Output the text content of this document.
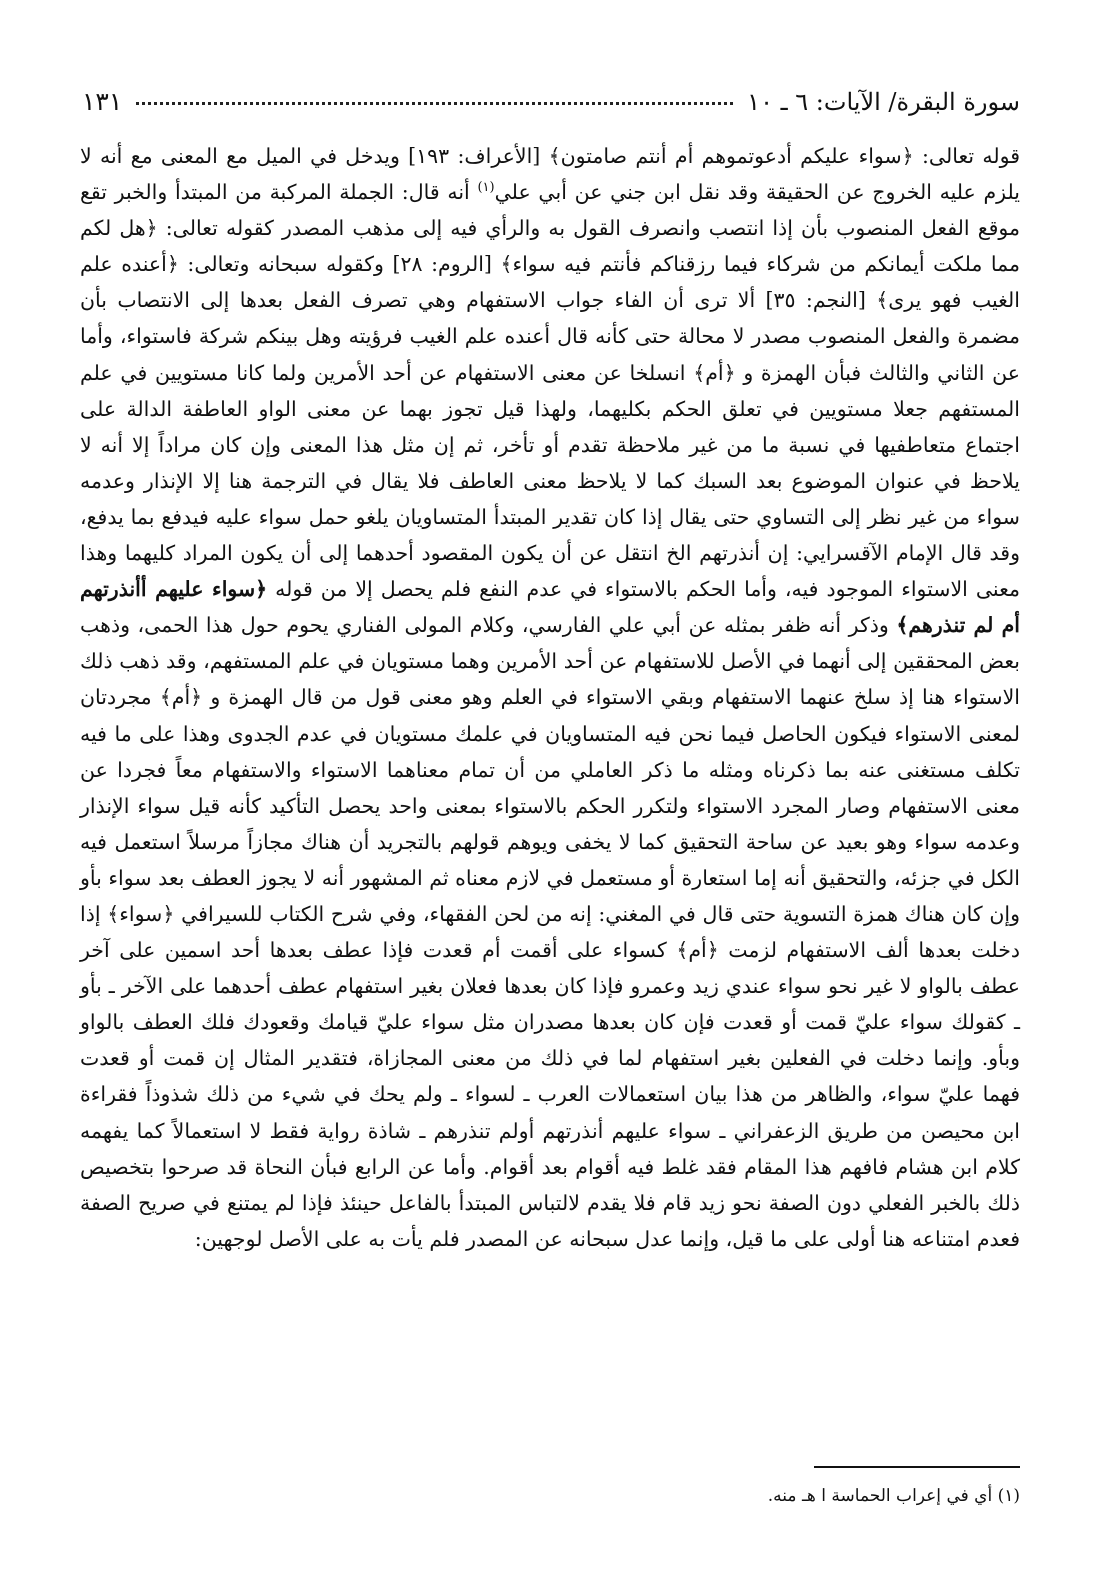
سورة البقرة/ الآيات: ٦ ـ ١٠
١٣١

قوله تعالى: ﴿سواء عليكم أدعوتموهم أم أنتم صامتون﴾ [الأعراف: ١٩٣] ويدخل في الميل مع المعنى مع أنه لا يلزم عليه الخروج عن الحقيقة وقد نقل ابن جني عن أبي علي$^{(١)}$ أنه قال: الجملة المركبة من المبتدأ والخبر تقع موقع الفعل المنصوب بأن إذا انتصب وانصرف القول به والرأي فيه إلى مذهب المصدر كقوله تعالى: ﴿هل لكم مما ملكت أيمانكم من شركاء فيما رزقناكم فأنتم فيه سواء﴾ [الروم: ٢٨] وكقوله سبحانه وتعالى: ﴿أعنده علم الغيب فهو يرى﴾ [النجم: ٣٥] ألا ترى أن الفاء جواب الاستفهام وهي تصرف الفعل بعدها إلى الانتصاب بأن مضمرة والفعل المنصوب مصدر لا محالة حتى كأنه قال أعنده علم الغيب فرؤيته وهل بينكم شركة فاستواء، وأما عن الثاني والثالث فبأن الهمزة و ﴿أم﴾ انسلخا عن معنى الاستفهام عن أحد الأمرين ولما كانا مستويين في علم المستفهم جعلا مستويين في تعلق الحكم بكليهما، ولهذا قيل تجوز بهما عن معنى الواو العاطفة الدالة على اجتماع متعاطفيها في نسبة ما من غير ملاحظة تقدم أو تأخر، ثم إن مثل هذا المعنى وإن كان مراداً إلا أنه لا يلاحظ في عنوان الموضوع بعد السبك كما لا يلاحظ معنى العاطف فلا يقال في الترجمة هنا إلا الإنذار وعدمه سواء من غير نظر إلى التساوي حتى يقال إذا كان تقدير المبتدأ المتساويان يلغو حمل سواء عليه فيدفع بما يدفع، وقد قال الإمام الآقسرايي: إن أنذرتهم الخ انتقل عن أن يكون المقصود أحدهما إلى أن يكون المراد كليهما وهذا معنى الاستواء الموجود فيه، وأما الحكم بالاستواء في عدم النفع فلم يحصل إلا من قوله ﴿سواء عليهم أأنذرتهم أم لم تنذرهم﴾ وذكر أنه ظفر بمثله عن أبي علي الفارسي، وكلام المولى الفناري يحوم حول هذا الحمى، وذهب بعض المحققين إلى أنهما في الأصل للاستفهام عن أحد الأمرين وهما مستويان في علم المستفهم، وقد ذهب ذلك الاستواء هنا إذ سلخ عنهما الاستفهام وبقي الاستواء في العلم وهو معنى قول من قال الهمزة و ﴿أم﴾ مجردتان لمعنى الاستواء فيكون الحاصل فيما نحن فيه المتساويان في علمك مستويان في عدم الجدوى وهذا على ما فيه تكلف مستغنى عنه بما ذكرناه ومثله ما ذكر العاملي من أن تمام معناهما الاستواء والاستفهام معاً فجردا عن معنى الاستفهام وصار المجرد الاستواء ولتكرر الحكم بالاستواء بمعنى واحد يحصل التأكيد كأنه قيل سواء الإنذار وعدمه سواء وهو بعيد عن ساحة التحقيق كما لا يخفى ويوهم قولهم بالتجريد أن هناك مجازاً مرسلاً استعمل فيه الكل في جزئه، والتحقيق أنه إما استعارة أو مستعمل في لازم معناه ثم المشهور أنه لا يجوز العطف بعد سواء بأو وإن كان هناك همزة التسوية حتى قال في المغني: إنه من لحن الفقهاء، وفي شرح الكتاب للسيرافي ﴿سواء﴾ إذا دخلت بعدها ألف الاستفهام لزمت ﴿أم﴾ كسواء على أقمت أم قعدت فإذا عطف بعدها أحد اسمين على آخر عطف بالواو لا غير نحو سواء عندي زيد وعمرو فإذا كان بعدها فعلان بغير استفهام عطف أحدهما على الآخر ـ بأو ـ كقولك سواء عليّ قمت أو قعدت فإن كان بعدها مصدران مثل سواء عليّ قيامك وقعودك فلك العطف بالواو وبأو. وإنما دخلت في الفعلين بغير استفهام لما في ذلك من معنى المجازاة، فتقدير المثال إن قمت أو قعدت فهما عليّ سواء، والظاهر من هذا بيان استعمالات العرب ـ لسواء ـ ولم يحك في شيء من ذلك شذوذاً فقراءة ابن محيصن من طريق الزعفراني ـ سواء عليهم أنذرتهم أولم تنذرهم ـ شاذة رواية فقط لا استعمالاً كما يفهمه كلام ابن هشام فافهم هذا المقام فقد غلط فيه أقوام بعد أقوام. وأما عن الرابع فبأن النحاة قد صرحوا بتخصيص ذلك بالخبر الفعلي دون الصفة نحو زيد قام فلا يقدم لالتباس المبتدأ بالفاعل حينئذ فإذا لم يمتنع في صريح الصفة فعدم امتناعه هنا أولى على ما قيل، وإنما عدل سبحانه عن المصدر فلم يأت به على الأصل لوجهين:

(١) أي في إعراب الحماسة ا هـ منه.
